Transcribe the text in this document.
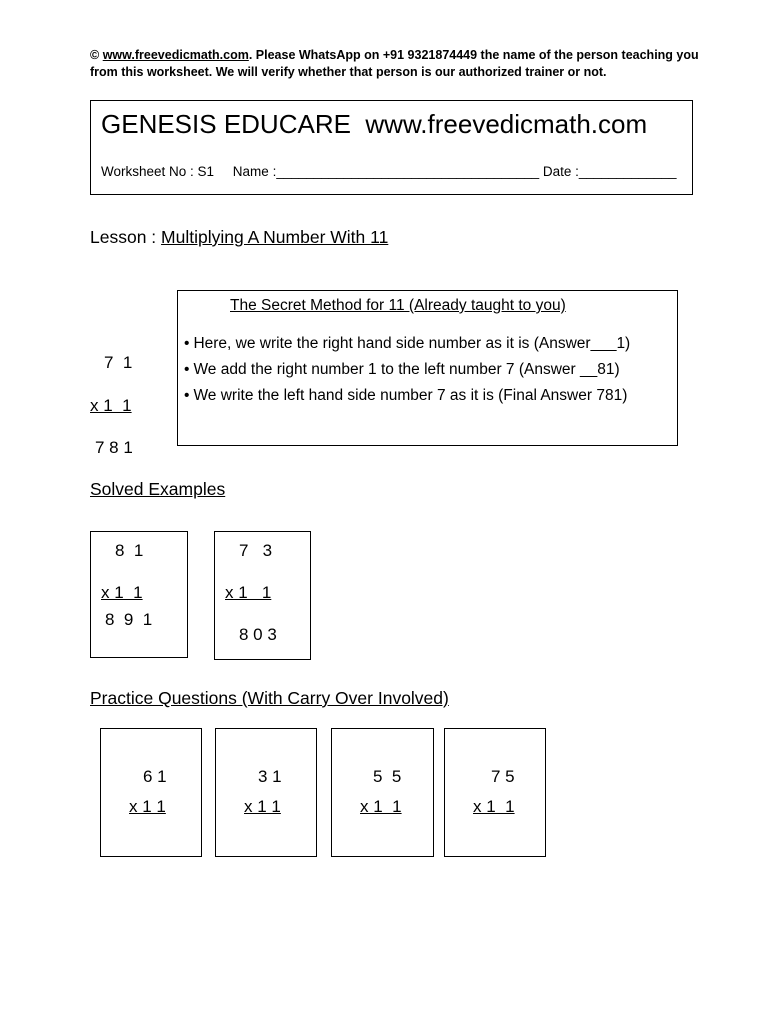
© www.freevedicmath.com. Please WhatsApp on +91 9321874449 the name of the person teaching you from this worksheet. We will verify whether that person is our authorized trainer or not.
GENESIS EDUCARE  www.freevedicmath.com
Worksheet No : S1     Name :___________________________________ Date :_____________
Lesson : Multiplying A Number With 11
7  1
x 1  1
7 8 1
The Secret Method for 11 (Already taught to you)
• Here, we write the right hand side number as it is (Answer___1)
• We add the right number 1 to the left number 7 (Answer __81)
• We write the left hand side number 7 as it is (Final Answer 781)
Solved Examples
8  1
x 1  1
8  9  1
7   3
x 1   1
8 0 3
Practice Questions (With Carry Over Involved)
6 1
x 1 1
3 1
x 1 1
5  5
x 1  1
7 5
x 1  1
